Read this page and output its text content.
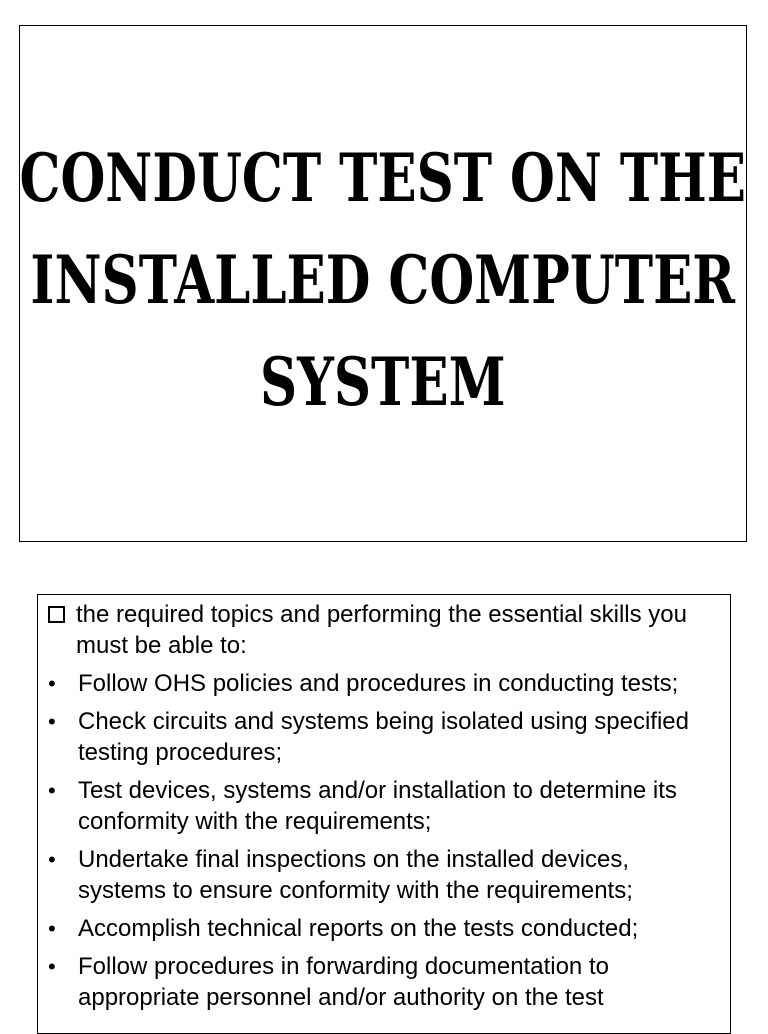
CONDUCT TEST ON THE
INSTALLED COMPUTER
SYSTEM
the required topics and performing the essential skills you must be able to:
• Follow OHS policies and procedures in conducting tests;
• Check circuits and systems being isolated using specified testing procedures;
• Test devices, systems and/or installation to determine its conformity with the requirements;
• Undertake final inspections on the installed devices, systems to ensure conformity with the requirements;
• Accomplish technical reports on the tests conducted;
• Follow procedures in forwarding documentation to appropriate personnel and/or authority on the test
